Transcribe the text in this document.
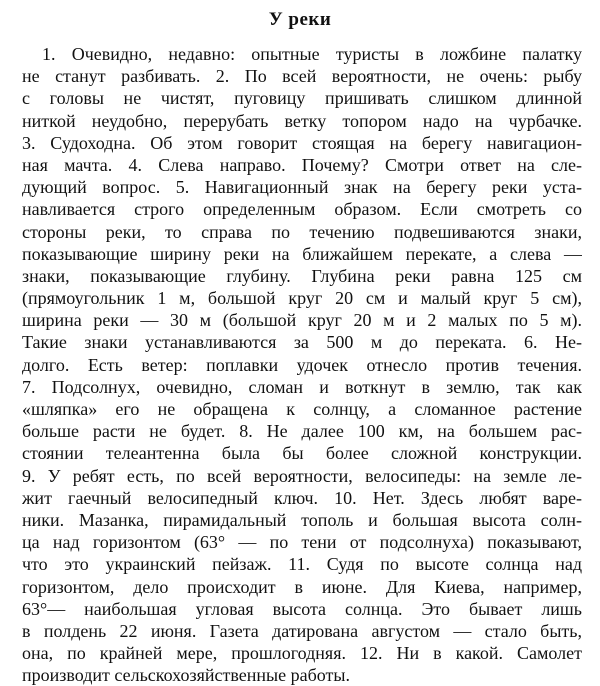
У реки
1. Очевидно, недавно: опытные туристы в ложбине палатку
не станут разбивать. 2. По всей вероятности, не очень: рыбу
с головы не чистят, пуговицу пришивать слишком длинной
ниткой неудобно, перерубать ветку топором надо на чурбачке.
3. Судоходна. Об этом говорит стоящая на берегу навигацион-
ная мачта. 4. Слева направо. Почему? Смотри ответ на сле-
дующий вопрос. 5. Навигационный знак на берегу реки уста-
навливается строго определенным образом. Если смотреть со
стороны реки, то справа по течению подвешиваются знаки,
показывающие ширину реки на ближайшем перекате, а слева —
знаки, показывающие глубину. Глубина реки равна 125 см
(прямоугольник 1 м, большой круг 20 см и малый круг 5 см),
ширина реки — 30 м (большой круг 20 м и 2 малых по 5 м).
Такие знаки устанавливаются за 500 м до переката. 6. Не-
долго. Есть ветер: поплавки удочек отнесло против течения.
7. Подсолнух, очевидно, сломан и воткнут в землю, так как
«шляпка» его не обращена к солнцу, а сломанное растение
больше расти не будет. 8. Не далее 100 км, на большем рас-
стоянии телеантенна была бы более сложной конструкции.
9. У ребят есть, по всей вероятности, велосипеды: на земле ле-
жит гаечный велосипедный ключ. 10. Нет. Здесь любят варе-
ники. Мазанка, пирамидальный тополь и большая высота солн-
ца над горизонтом (63° — по тени от подсолнуха) показывают,
что это украинский пейзаж. 11. Судя по высоте солнца над
горизонтом, дело происходит в июне. Для Киева, например,
63°— наибольшая угловая высота солнца. Это бывает лишь
в полдень 22 июня. Газета датирована августом — стало быть,
она, по крайней мере, прошлогодняя. 12. Ни в какой. Самолет
производит сельскохозяйственные работы.
